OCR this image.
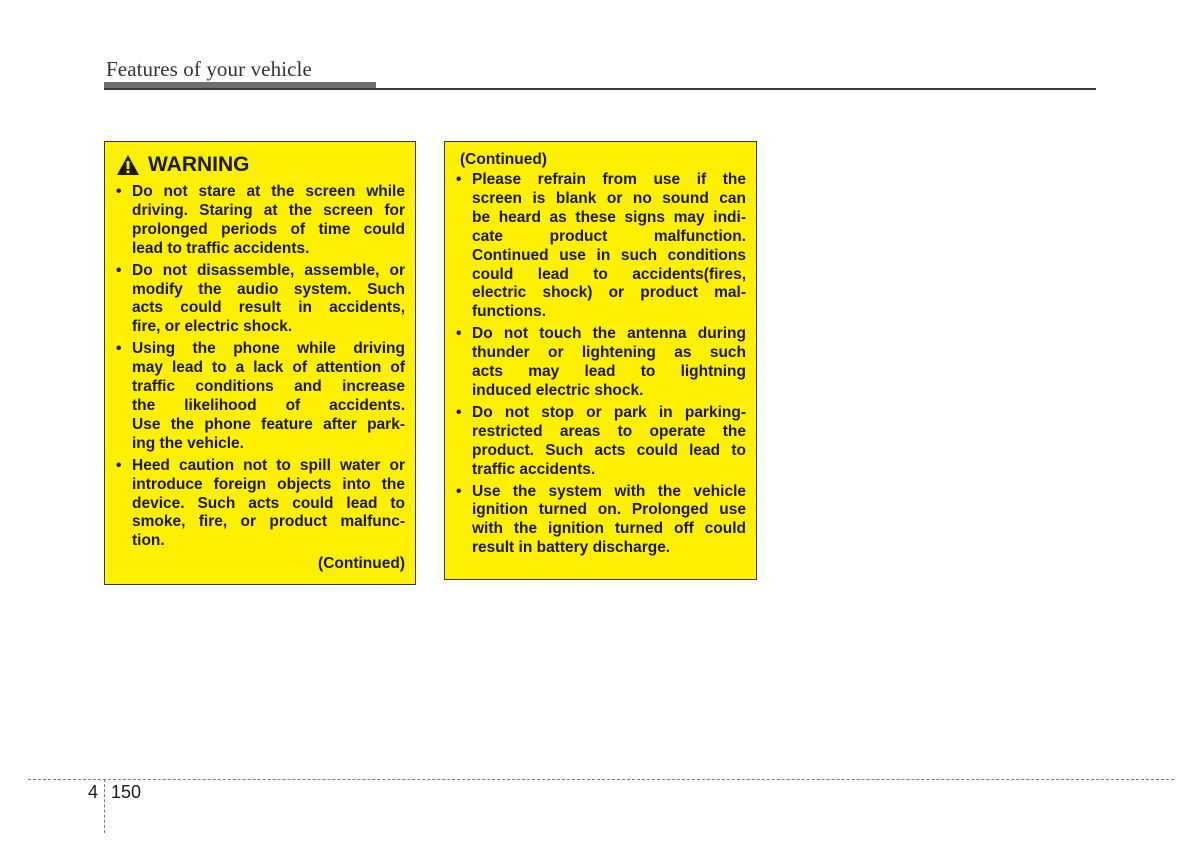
Features of your vehicle
WARNING
• Do not stare at the screen while
driving. Staring at the screen for
prolonged periods of time could
lead to traffic accidents.
• Do not disassemble, assemble, or
modify the audio system. Such
acts could result in accidents,
fire, or electric shock.
• Using the phone while driving
may lead to a lack of attention of
traffic conditions and increase
the likelihood of accidents.
Use the phone feature after park-
ing the vehicle.
• Heed caution not to spill water or
introduce foreign objects into the
device. Such acts could lead to
smoke, fire, or product malfunc-
tion.
(Continued)
(Continued)
• Please refrain from use if the
screen is blank or no sound can
be heard as these signs may indi-
cate product malfunction.
Continued use in such conditions
could lead to accidents(fires,
electric shock) or product mal-
functions.
• Do not touch the antenna during
thunder or lightening as such
acts may lead to lightning
induced electric shock.
• Do not stop or park in parking-
restricted areas to operate the
product. Such acts could lead to
traffic accidents.
• Use the system with the vehicle
ignition turned on. Prolonged use
with the ignition turned off could
result in battery discharge.
4 150
